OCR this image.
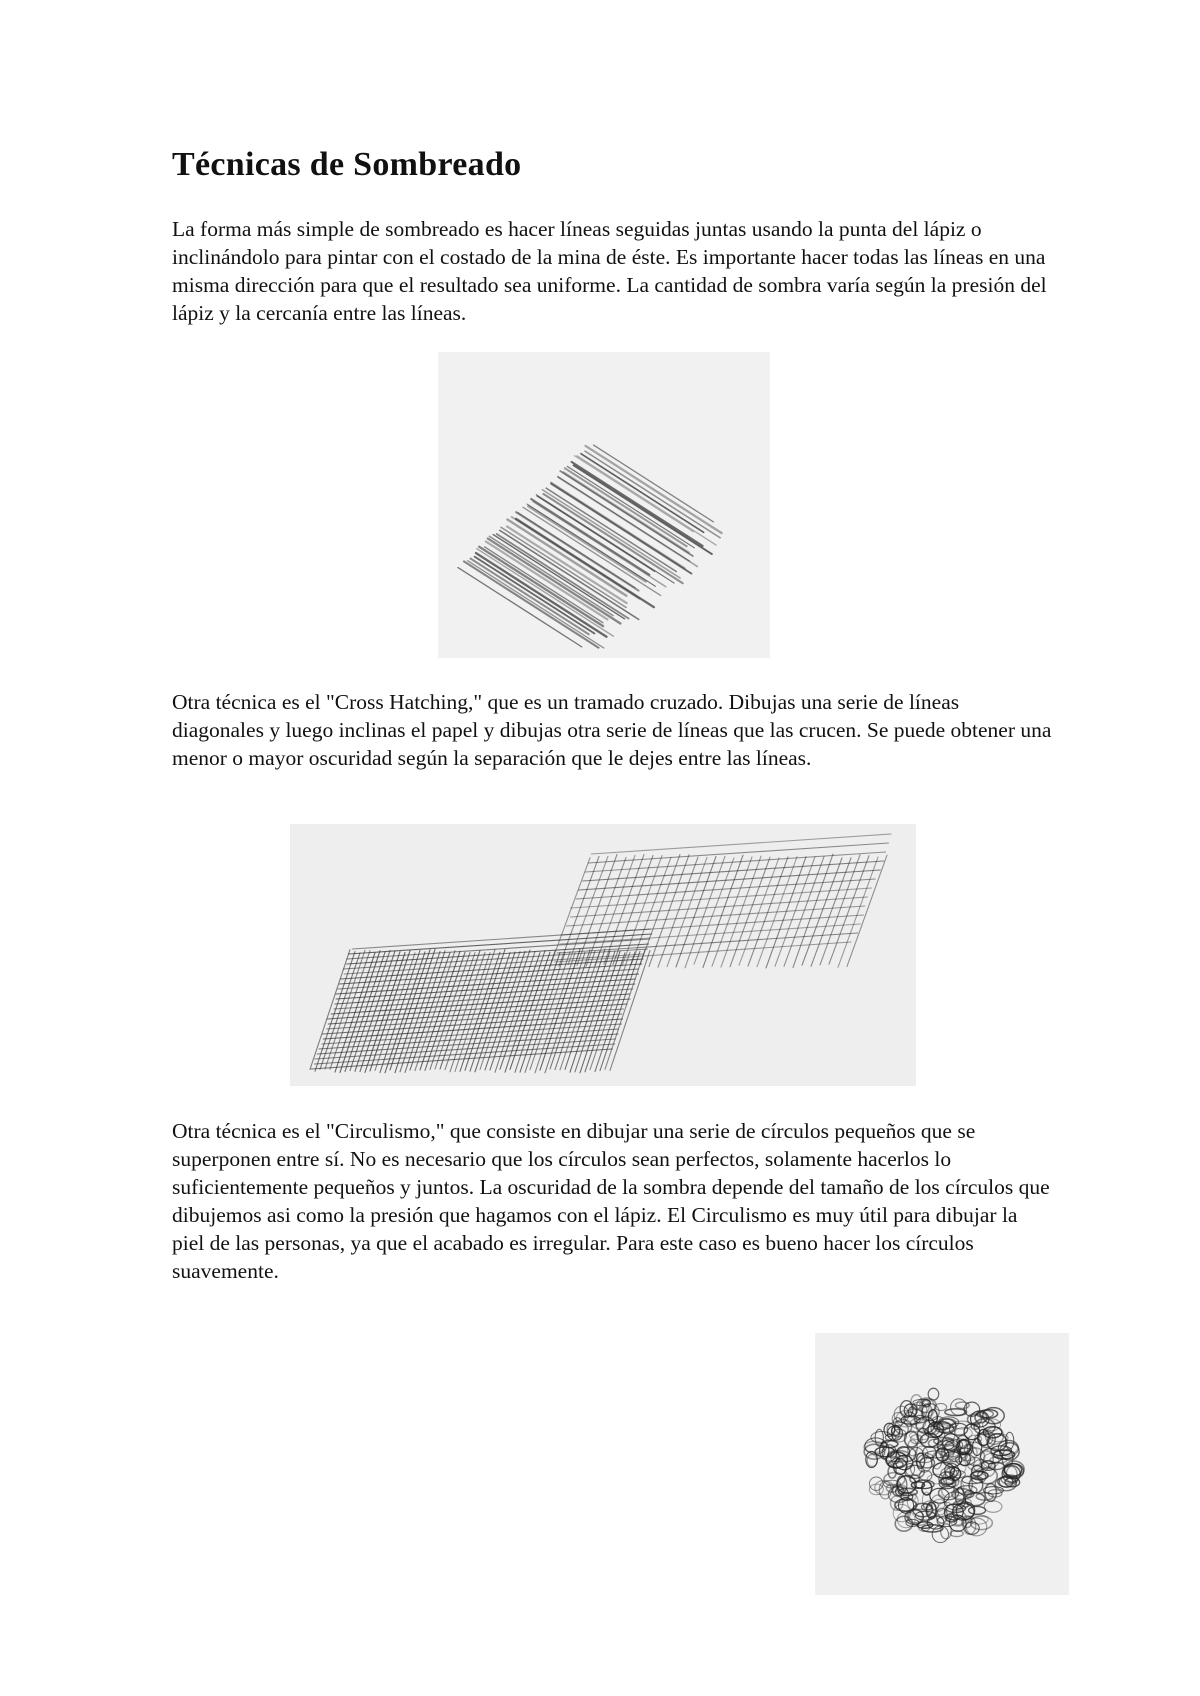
Técnicas de Sombreado

La forma más simple de sombreado es hacer líneas seguidas juntas usando la punta del lápiz o inclinándolo para pintar con el costado de la mina de éste. Es importante hacer todas las líneas en una misma dirección para que el resultado sea uniforme. La cantidad de sombra varía según la presión del lápiz y la cercanía entre las líneas.

Otra técnica es el "Cross Hatching," que es un tramado cruzado. Dibujas una serie de líneas diagonales y luego inclinas el papel y dibujas otra serie de líneas que las crucen. Se puede obtener una menor o mayor oscuridad según la separación que le dejes entre las líneas.

Otra técnica es el "Circulismo," que consiste en dibujar una serie de círculos pequeños que se superponen entre sí. No es necesario que los círculos sean perfectos, solamente hacerlos lo suficientemente pequeños y juntos. La oscuridad de la sombra depende del tamaño de los círculos que dibujemos asi como la presión que hagamos con el lápiz. El Circulismo es muy útil para dibujar la piel de las personas, ya que el acabado es irregular. Para este caso es bueno hacer los círculos suavemente.
